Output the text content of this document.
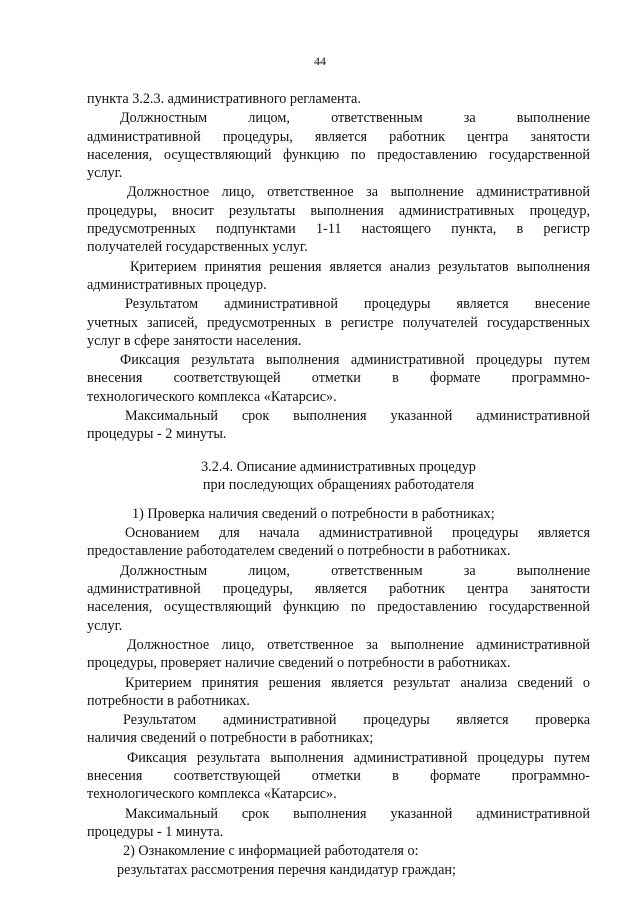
44
пункта 3.2.3. административного регламента.
Должностным лицом, ответственным за выполнение
административной процедуры, является работник центра занятости
населения, осуществляющий функцию по предоставлению государственной
услуг.
Должностное лицо, ответственное за выполнение административной
процедуры, вносит результаты выполнения административных процедур,
предусмотренных подпунктами 1-11 настоящего пункта, в регистр
получателей государственных услуг.
Критерием принятия решения является анализ результатов выполнения
административных процедур.
Результатом административной процедуры является внесение
учетных записей, предусмотренных в регистре получателей государственных
услуг в сфере занятости населения.
Фиксация результата выполнения административной процедуры путем
внесения соответствующей отметки в формате программно-
технологического комплекса «Катарсис».
Максимальный срок выполнения указанной административной
процедуры - 2 минуты.
3.2.4. Описание административных процедур
при последующих обращениях работодателя
1) Проверка наличия сведений о потребности в работниках;
Основанием для начала административной процедуры является
предоставление работодателем сведений о потребности в работниках.
Должностным лицом, ответственным за выполнение
административной процедуры, является работник центра занятости
населения, осуществляющий функцию по предоставлению государственной
услуг.
Должностное лицо, ответственное за выполнение административной
процедуры, проверяет наличие сведений о потребности в работниках.
Критерием принятия решения является результат анализа сведений о
потребности в работниках.
Результатом административной процедуры является проверка
наличия сведений о потребности в работниках;
Фиксация результата выполнения административной процедуры путем
внесения соответствующей отметки в формате программно-
технологического комплекса «Катарсис».
Максимальный срок выполнения указанной административной
процедуры - 1 минута.
2) Ознакомление с информацией работодателя о:
результатах рассмотрения перечня кандидатур граждан;
